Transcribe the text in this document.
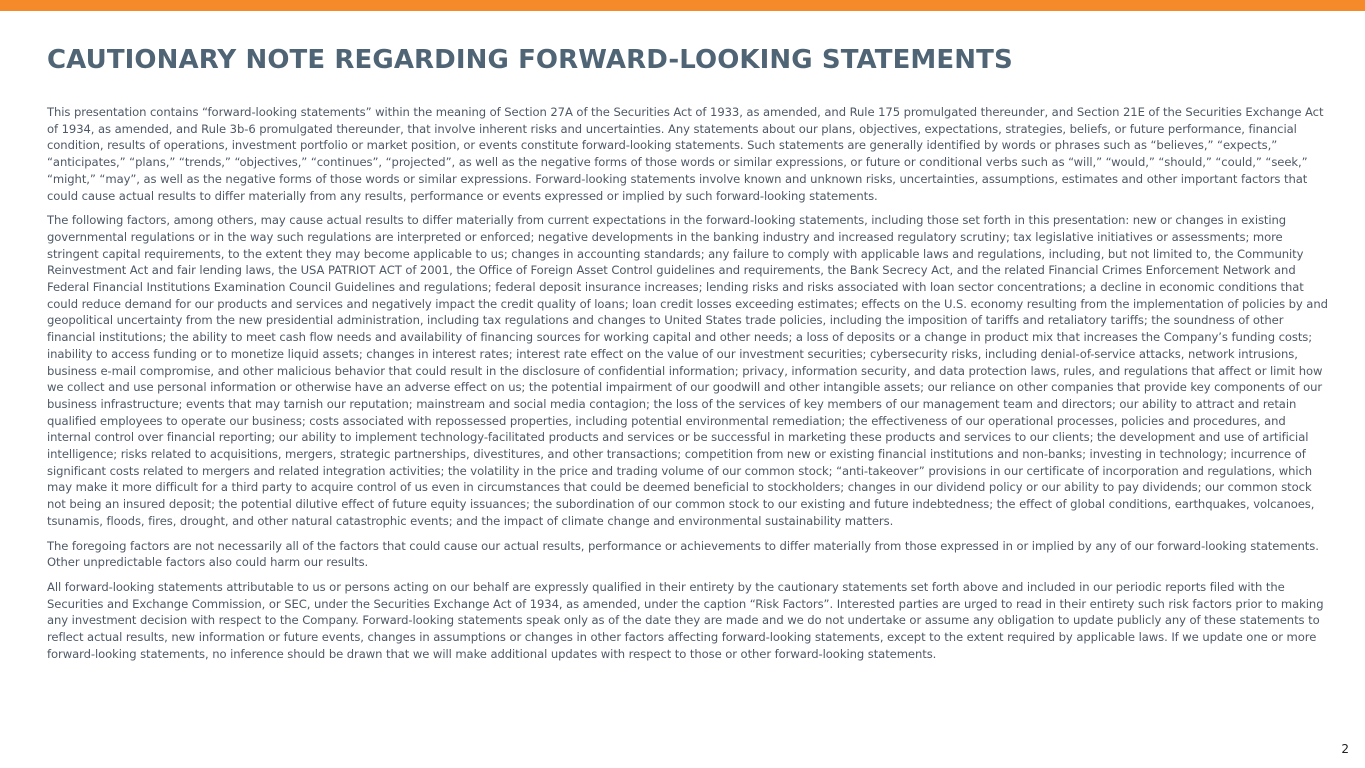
CAUTIONARY NOTE REGARDING FORWARD-LOOKING STATEMENTS

This presentation contains “forward-looking statements” within the meaning of Section 27A of the Securities Act of 1933, as amended, and Rule 175 promulgated thereunder, and Section 21E of the Securities Exchange Act of 1934, as amended, and Rule 3b-6 promulgated thereunder, that involve inherent risks and uncertainties. Any statements about our plans, objectives, expectations, strategies, beliefs, or future performance, financial condition, results of operations, investment portfolio or market position, or events constitute forward-looking statements. Such statements are generally identified by words or phrases such as “believes,” “expects,” “anticipates,” “plans,” “trends,” “objectives,” “continues”, “projected”, as well as the negative forms of those words or similar expressions, or future or conditional verbs such as “will,” “would,” “should,” “could,” “seek,” “might,” “may”, as well as the negative forms of those words or similar expressions. Forward-looking statements involve known and unknown risks, uncertainties, assumptions, estimates and other important factors that could cause actual results to differ materially from any results, performance or events expressed or implied by such forward-looking statements.

The following factors, among others, may cause actual results to differ materially from current expectations in the forward-looking statements, including those set forth in this presentation: new or changes in existing governmental regulations or in the way such regulations are interpreted or enforced; negative developments in the banking industry and increased regulatory scrutiny; tax legislative initiatives or assessments; more stringent capital requirements, to the extent they may become applicable to us; changes in accounting standards; any failure to comply with applicable laws and regulations, including, but not limited to, the Community Reinvestment Act and fair lending laws, the USA PATRIOT ACT of 2001, the Office of Foreign Asset Control guidelines and requirements, the Bank Secrecy Act, and the related Financial Crimes Enforcement Network and Federal Financial Institutions Examination Council Guidelines and regulations; federal deposit insurance increases; lending risks and risks associated with loan sector concentrations; a decline in economic conditions that could reduce demand for our products and services and negatively impact the credit quality of loans; loan credit losses exceeding estimates; effects on the U.S. economy resulting from the implementation of policies by and geopolitical uncertainty from the new presidential administration, including tax regulations and changes to United States trade policies, including the imposition of tariffs and retaliatory tariffs; the soundness of other financial institutions; the ability to meet cash flow needs and availability of financing sources for working capital and other needs; a loss of deposits or a change in product mix that increases the Company’s funding costs; inability to access funding or to monetize liquid assets; changes in interest rates; interest rate effect on the value of our investment securities; cybersecurity risks, including denial-of-service attacks, network intrusions, business e-mail compromise, and other malicious behavior that could result in the disclosure of confidential information; privacy, information security, and data protection laws, rules, and regulations that affect or limit how we collect and use personal information or otherwise have an adverse effect on us; the potential impairment of our goodwill and other intangible assets; our reliance on other companies that provide key components of our business infrastructure; events that may tarnish our reputation; mainstream and social media contagion; the loss of the services of key members of our management team and directors; our ability to attract and retain qualified employees to operate our business; costs associated with repossessed properties, including potential environmental remediation; the effectiveness of our operational processes, policies and procedures, and internal control over financial reporting; our ability to implement technology-facilitated products and services or be successful in marketing these products and services to our clients; the development and use of artificial intelligence; risks related to acquisitions, mergers, strategic partnerships, divestitures, and other transactions; competition from new or existing financial institutions and non-banks; investing in technology; incurrence of significant costs related to mergers and related integration activities; the volatility in the price and trading volume of our common stock; “anti-takeover” provisions in our certificate of incorporation and regulations, which may make it more difficult for a third party to acquire control of us even in circumstances that could be deemed beneficial to stockholders; changes in our dividend policy or our ability to pay dividends; our common stock not being an insured deposit; the potential dilutive effect of future equity issuances; the subordination of our common stock to our existing and future indebtedness; the effect of global conditions, earthquakes, volcanoes, tsunamis, floods, fires, drought, and other natural catastrophic events; and the impact of climate change and environmental sustainability matters.

The foregoing factors are not necessarily all of the factors that could cause our actual results, performance or achievements to differ materially from those expressed in or implied by any of our forward-looking statements. Other unpredictable factors also could harm our results.

All forward-looking statements attributable to us or persons acting on our behalf are expressly qualified in their entirety by the cautionary statements set forth above and included in our periodic reports filed with the Securities and Exchange Commission, or SEC, under the Securities Exchange Act of 1934, as amended, under the caption “Risk Factors”. Interested parties are urged to read in their entirety such risk factors prior to making any investment decision with respect to the Company. Forward-looking statements speak only as of the date they are made and we do not undertake or assume any obligation to update publicly any of these statements to reflect actual results, new information or future events, changes in assumptions or changes in other factors affecting forward-looking statements, except to the extent required by applicable laws. If we update one or more forward-looking statements, no inference should be drawn that we will make additional updates with respect to those or other forward-looking statements.

2
